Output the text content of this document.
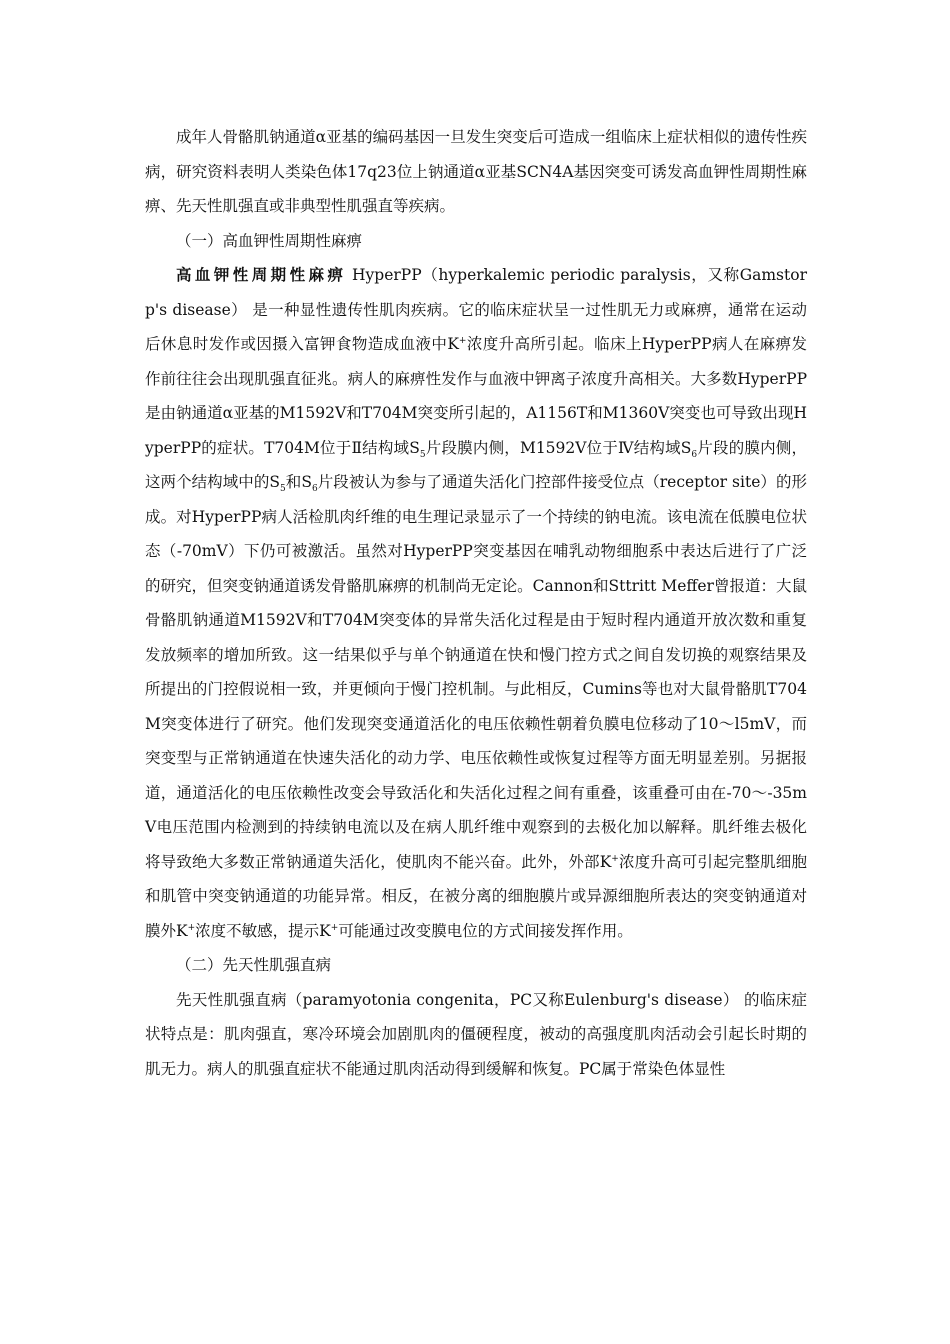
成年人骨骼肌钠通道α亚基的编码基因一旦发生突变后可造成一组临床上症状相似的遗传性疾病，研究资料表明人类染色体17q23位上钠通道α亚基SCN4A基因突变可诱发高血钾性周期性麻痹、先天性肌强直或非典型性肌强直等疾病。

（一）高血钾性周期性麻痹

高血钾性周期性麻痹 HyperPP（hyperkalemic periodic paralysis，又称Gamstorp's disease） 是一种显性遗传性肌肉疾病。它的临床症状呈一过性肌无力或麻痹，通常在运动后休息时发作或因摄入富钾食物造成血液中K+浓度升高所引起。临床上HyperPP病人在麻痹发作前往往会出现肌强直征兆。病人的麻痹性发作与血液中钾离子浓度升高相关。大多数HyperPP是由钠通道α亚基的M1592V和T704M突变所引起的，A1156T和M1360V突变也可导致出现HyperPP的症状。T704M位于Ⅱ结构域$S_5$片段膜内侧，M1592V位于Ⅳ结构域$S_6$片段的膜内侧，这两个结构域中的$S_5$和$S_6$片段被认为参与了通道失活化门控部件接受位点（receptor site）的形成。对HyperPP病人活检肌肉纤维的电生理记录显示了一个持续的钠电流。该电流在低膜电位状态（-70mV）下仍可被激活。虽然对HyperPP突变基因在哺乳动物细胞系中表达后进行了广泛的研究，但突变钠通道诱发骨骼肌麻痹的机制尚无定论。Cannon和Sttritt Meffer曾报道：大鼠骨骼肌钠通道M1592V和T704M突变体的异常失活化过程是由于短时程内通道开放次数和重复发放频率的增加所致。这一结果似乎与单个钠通道在快和慢门控方式之间自发切换的观察结果及所提出的门控假说相一致，并更倾向于慢门控机制。与此相反，Cumins等也对大鼠骨骼肌T704M突变体进行了研究。他们发现突变通道活化的电压依赖性朝着负膜电位移动了10～l5mV，而突变型与正常钠通道在快速失活化的动力学、电压依赖性或恢复过程等方面无明显差别。另据报道，通道活化的电压依赖性改变会导致活化和失活化过程之间有重叠，该重叠可由在-70～-35mV电压范围内检测到的持续钠电流以及在病人肌纤维中观察到的去极化加以解释。肌纤维去极化将导致绝大多数正常钠通道失活化，使肌肉不能兴奋。此外，外部K+浓度升高可引起完整肌细胞和肌管中突变钠通道的功能异常。相反，在被分离的细胞膜片或异源细胞所表达的突变钠通道对膜外K+浓度不敏感，提示K+可能通过改变膜电位的方式间接发挥作用。

（二）先天性肌强直病

先天性肌强直病（paramyotonia congenita，PC又称Eulenburg's disease） 的临床症状特点是：肌肉强直，寒冷环境会加剧肌肉的僵硬程度，被动的高强度肌肉活动会引起长时期的肌无力。病人的肌强直症状不能通过肌肉活动得到缓解和恢复。PC属于常染色体显性
